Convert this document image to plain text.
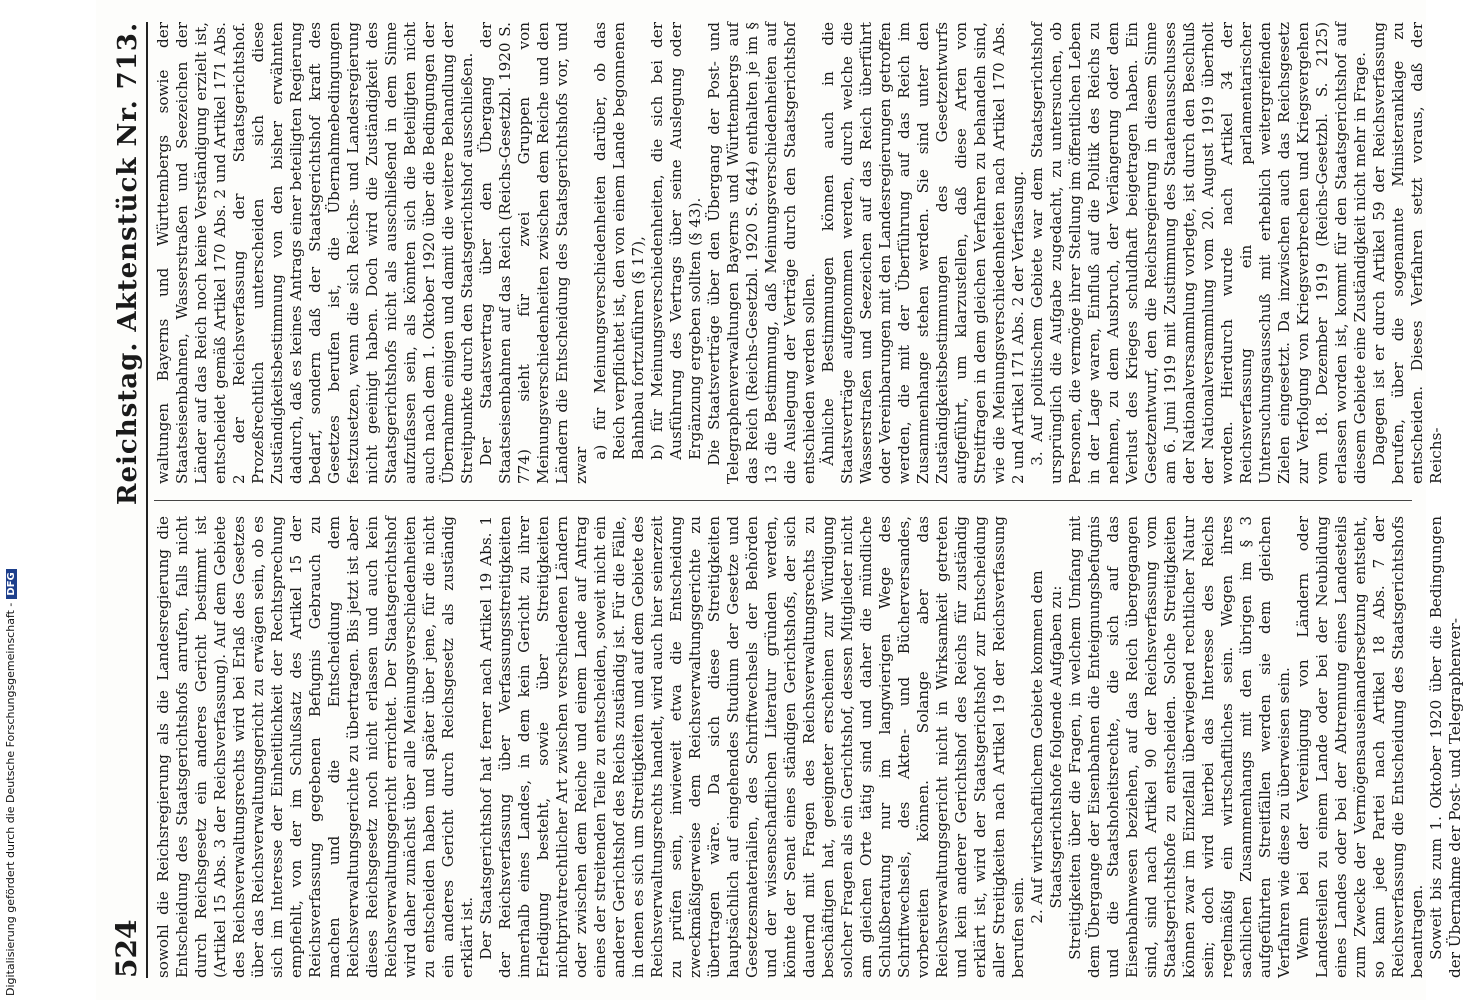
Digitalisierung gefördert durch die Deutsche Forschungsgemeinschaft -DFG
524
Reichstag. Aktenstück Nr. 713.

sowohl die Reichsregierung als die Landesregierung die Entscheidung des Staatsgerichtshofs anrufen, falls nicht durch Reichsgesetz ein anderes Gericht bestimmt ist (Artikel 15 Abs. 3 der Reichsverfassung). Auf dem Gebiete des Reichsverwaltungsrechts wird bei Erlaß des Gesetzes über das Reichsverwaltungsgericht zu erwägen sein, ob es sich im Interesse der Einheitlichkeit der Rechtsprechung empfiehlt, von der im Schlußsatz des Artikel 15 der Reichsverfassung gegebenen Befugnis Gebrauch zu machen und die Entscheidung dem Reichsverwaltungsgerichte zu übertragen. Bis jetzt ist aber dieses Reichsgesetz noch nicht erlassen und auch kein Reichsverwaltungsgericht errichtet. Der Staatsgerichtshof wird daher zunächst über alle Meinungsverschiedenheiten zu entscheiden haben und später über jene, für die nicht ein anderes Gericht durch Reichsgesetz als zuständig erklärt ist. Der Staatsgerichtshof hat ferner nach Artikel 19 Abs. 1 der Reichsverfassung über Verfassungsstreitigkeiten innerhalb eines Landes, in dem kein Gericht zu ihrer Erledigung besteht, sowie über Streitigkeiten nichtprivatrechtlicher Art zwischen verschiedenen Ländern oder zwischen dem Reiche und einem Lande auf Antrag eines der streitenden Teile zu entscheiden, soweit nicht ein anderer Gerichtshof des Reichs zuständig ist. Für die Fälle, in denen es sich um Streitigkeiten und auf dem Gebiete des Reichsverwaltungsrechts handelt, wird auch hier seinerzeit zu prüfen sein, inwieweit etwa die Entscheidung zweckmäßigerweise dem Reichsverwaltungsgerichte zu übertragen wäre. Da sich diese Streitigkeiten hauptsächlich auf eingehendes Studium der Gesetze und Gesetzesmaterialien, des Schriftwechsels der Behörden und der wissenschaftlichen Literatur gründen werden, könnte der Senat eines ständigen Gerichtshofs, der sich dauernd mit Fragen des Reichsverwaltungsrechts zu beschäftigen hat, geeigneter erscheinen zur Würdigung solcher Fragen als ein Gerichtshof, dessen Mitglieder nicht am gleichen Orte tätig sind und daher die mündliche Schlußberatung nur im langwierigen Wege des Schriftwechsels, des Akten- und Bücherversandes, vorbereiten können. Solange aber das Reichsverwaltungsgericht nicht in Wirksamkeit getreten und kein anderer Gerichtshof des Reichs für zuständig erklärt ist, wird der Staatsgerichtshof zur Entscheidung aller Streitigkeiten nach Artikel 19 der Reichsverfassung berufen sein.

2. Auf wirtschaftlichem Gebiete kommen dem Staatsgerichtshofe folgende Aufgaben zu: Streitigkeiten über die Fragen, in welchem Umfang mit dem Übergange der Eisenbahnen die Enteignungsbefugnis und die Staatshoheitsrechte, die sich auf das Eisenbahnwesen beziehen, auf das Reich übergegangen sind, sind nach Artikel 90 der Reichsverfassung vom Staatsgerichtshofe zu entscheiden. Solche Streitigkeiten können zwar im Einzelfall überwiegend rechtlicher Natur sein; doch wird hierbei das Interesse des Reichs regelmäßig ein wirtschaftliches sein. Wegen ihres sachlichen Zusammenhangs mit den übrigen im § 3 aufgeführten Streitfällen werden sie dem gleichen Verfahren wie diese zu überweisen sein. Wenn bei der Vereinigung von Ländern oder Landesteilen zu einem Lande oder bei der Neubildung eines Landes oder bei der Abtrennung eines Landesteils zum Zwecke der Vermögensauseinandersetzung entsteht, so kann jede Partei nach Artikel 18 Abs. 7 der Reichsverfassung die Entscheidung des Staatsgerichtshofs beantragen. Soweit bis zum 1. Oktober 1920 über die Bedingungen der Übernahme der Post- und Telegraphenver-

waltungen Bayerns und Württembergs sowie der Staatseisenbahnen, Wasserstraßen und Seezeichen der Länder auf das Reich noch keine Verständigung erzielt ist, entscheidet gemäß Artikel 170 Abs. 2 und Artikel 171 Abs. 2 der Reichsverfassung der Staatsgerichtshof. Prozeßrechtlich unterscheiden sich diese Zuständigkeitsbestimmung von den bisher erwähnten dadurch, daß es keines Antrags einer beteiligten Regierung bedarf, sondern daß der Staatsgerichtshof kraft des Gesetzes berufen ist, die Übernahmebedingungen festzusetzen, wenn die sich Reichs- und Landesregierung nicht geeinigt haben. Doch wird die Zuständigkeit des Staatsgerichtshofs nicht als ausschließend in dem Sinne aufzufassen sein, als könnten sich die Beteiligten nicht auch nach dem 1. Oktober 1920 über die Bedingungen der Übernahme einigen und damit die weitere Behandlung der Streitpunkte durch den Staatsgerichtshof ausschließen. Der Staatsvertrag über den Übergang der Staatseisenbahnen auf das Reich (Reichs-Gesetzbl. 1920 S. 774) sieht für zwei Gruppen von Meinungsverschiedenheiten zwischen dem Reiche und den Ländern die Entscheidung des Staatsgerichtshofs vor, und zwar

a) für Meinungsverschiedenheiten darüber, ob das Reich verpflichtet ist, den von einem Lande begonnenen Bahnbau fortzuführen (§ 17), b) für Meinungsverschiedenheiten, die sich bei der Ausführung des Vertrags über seine Auslegung oder Ergänzung ergeben sollten (§ 43). Die Staatsverträge über den Übergang der Post- und Telegraphenverwaltungen Bayerns und Württembergs auf das Reich (Reichs-Gesetzbl. 1920 S. 644) enthalten je im § 13 die Bestimmung, daß Meinungsverschiedenheiten auf die Auslegung der Verträge durch den Staatsgerichtshof entschieden werden sollen. Ähnliche Bestimmungen können auch in die Staatsverträge aufgenommen werden, durch welche die Wasserstraßen und Seezeichen auf das Reich überführt oder Vereinbarungen mit den Landesregierungen getroffen werden, die mit der Überführung auf das Reich im Zusammenhange stehen werden. Sie sind unter den Zuständigkeitsbestimmungen des Gesetzentwurfs aufgeführt, um klarzustellen, daß diese Arten von Streitfragen in dem gleichen Verfahren zu behandeln sind, wie die Meinungsverschiedenheiten nach Artikel 170 Abs. 2 und Artikel 171 Abs. 2 der Verfassung. 3. Auf politischem Gebiete war dem Staatsgerichtshof ursprünglich die Aufgabe zugedacht, zu untersuchen, ob Personen, die vermöge ihrer Stellung im öffentlichen Leben in der Lage waren, Einfluß auf die Politik des Reichs zu nehmen, zu dem Ausbruch, der Verlängerung oder dem Verlust des Krieges schuldhaft beigetragen haben. Ein Gesetzentwurf, den die Reichsregierung in diesem Sinne am 6. Juni 1919 mit Zustimmung des Staatenausschusses der Nationalversammlung vorlegte, ist durch den Beschluß der Nationalversammlung vom 20. August 1919 überholt worden. Hierdurch wurde nach Artikel 34 der Reichsverfassung ein parlamentarischer Untersuchungsausschuß mit erheblich weitergreifenden Zielen eingesetzt. Da inzwischen auch das Reichsgesetz zur Verfolgung von Kriegsverbrechen und Kriegsvergehen vom 18. Dezember 1919 (Reichs-Gesetzbl. S. 2125) erlassen worden ist, kommt für den Staatsgerichtshof auf diesem Gebiete eine Zuständigkeit nicht mehr in Frage. Dagegen ist er durch Artikel 59 der Reichsverfassung berufen, über die sogenannte Ministeranklage zu entscheiden. Dieses Verfahren setzt voraus, daß der Reichs-
